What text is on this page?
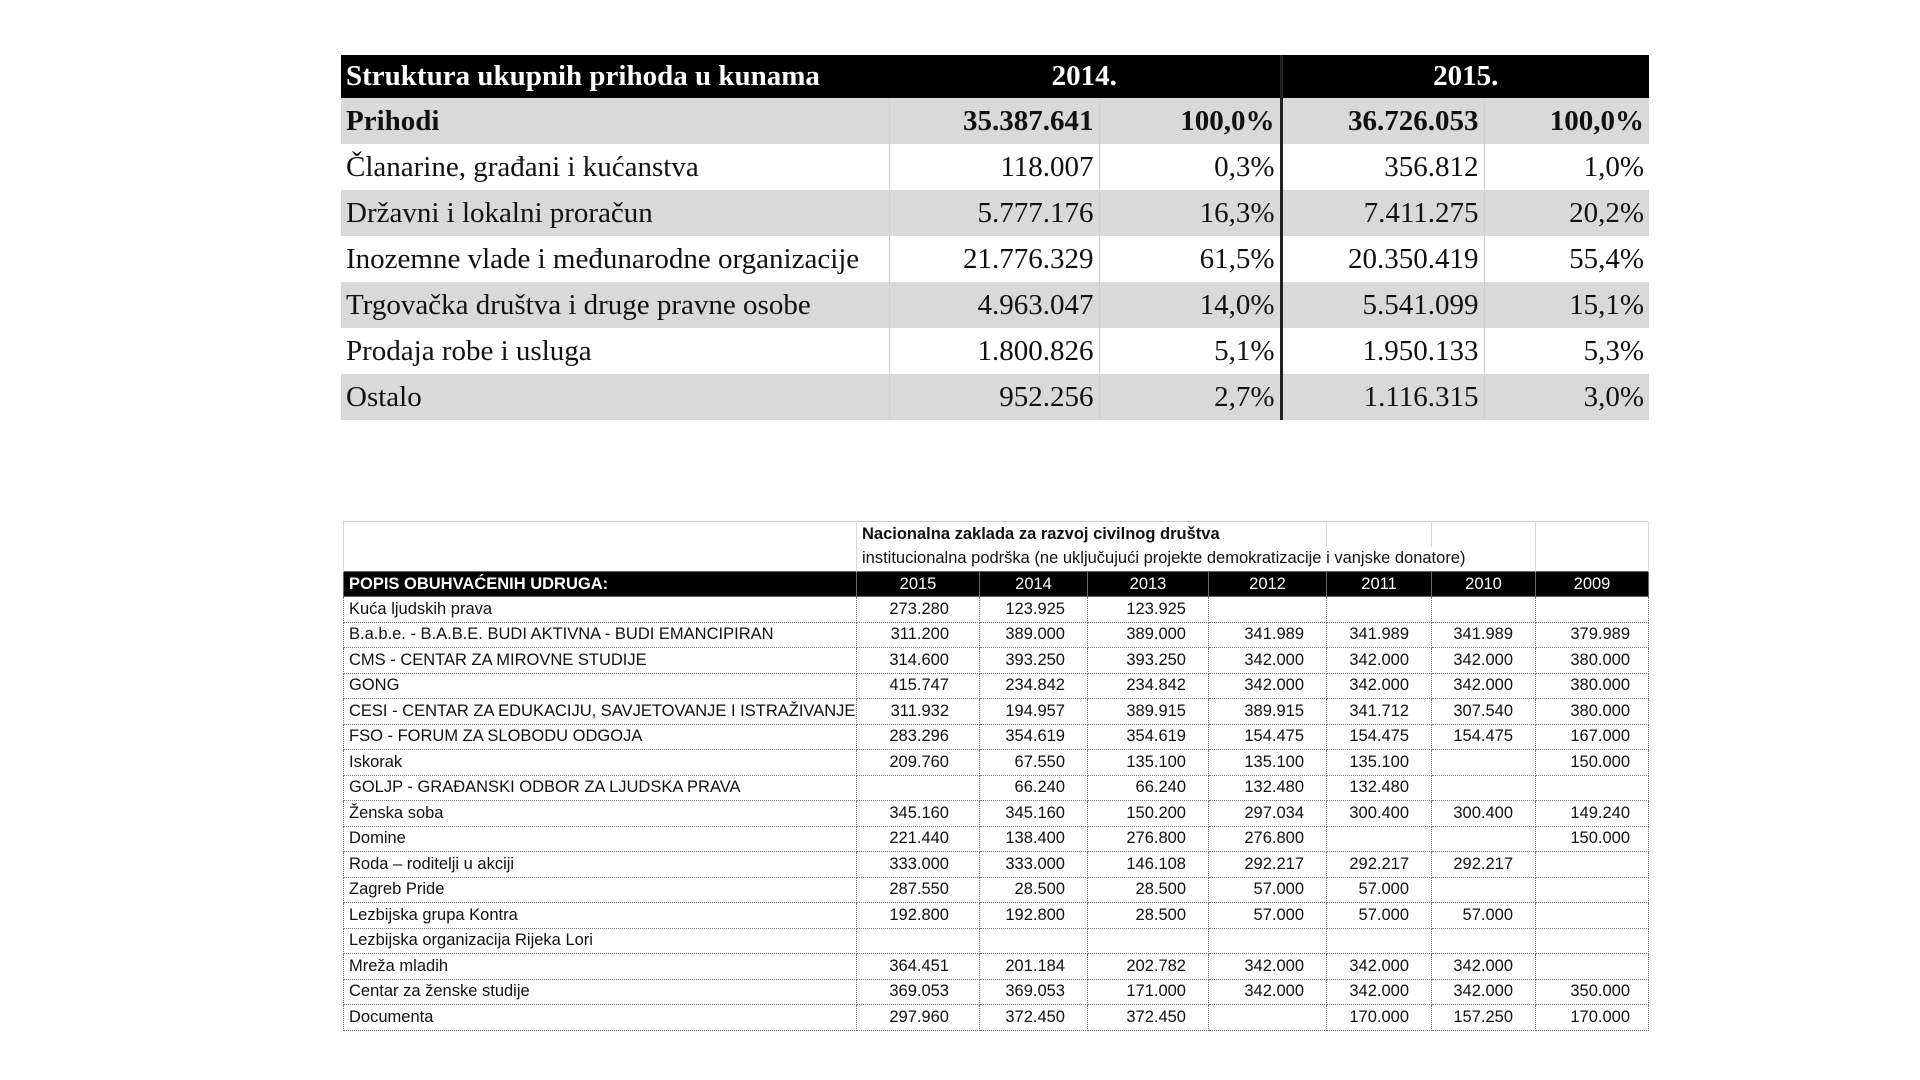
Struktura ukupnih prihoda u kunama	2014.		2015.	
Prihodi	35.387.641	100,0%	36.726.053	100,0%
Članarine, građani i kućanstva	118.007	0,3%	356.812	1,0%
Državni i lokalni proračun	5.777.176	16,3%	7.411.275	20,2%
Inozemne vlade i međunarodne organizacije	21.776.329	61,5%	20.350.419	55,4%
Trgovačka društva i druge pravne osobe	4.963.047	14,0%	5.541.099	15,1%
Prodaja robe i usluga	1.800.826	5,1%	1.950.133	5,3%
Ostalo	952.256	2,7%	1.116.315	3,0%
	Nacionalna zaklada za razvoj civilnog društva						
	institucionalna podrška (ne uključujući projekte demokratizacije i vanjske donatore)						
POPIS OBUHVAĆENIH UDRUGA:	2015	2014	2013	2012	2011	2010	2009
Kuća ljudskih prava	273.280	123.925	123.925				
B.a.b.e. - B.A.B.E. BUDI AKTIVNA - BUDI EMANCIPIRAN	311.200	389.000	389.000	341.989	341.989	341.989	379.989
CMS - CENTAR ZA MIROVNE STUDIJE	314.600	393.250	393.250	342.000	342.000	342.000	380.000
GONG	415.747	234.842	234.842	342.000	342.000	342.000	380.000
CESI - CENTAR ZA EDUKACIJU, SAVJETOVANJE I ISTRAŽIVANJE	311.932	194.957	389.915	389.915	341.712	307.540	380.000
FSO - FORUM ZA SLOBODU ODGOJA	283.296	354.619	354.619	154.475	154.475	154.475	167.000
Iskorak	209.760	67.550	135.100	135.100	135.100		150.000
GOLJP - GRAĐANSKI ODBOR ZA LJUDSKA PRAVA		66.240	66.240	132.480	132.480		
Ženska soba	345.160	345.160	150.200	297.034	300.400	300.400	149.240
Domine	221.440	138.400	276.800	276.800			150.000
Roda – roditelji u akciji	333.000	333.000	146.108	292.217	292.217	292.217	
Zagreb Pride	287.550	28.500	28.500	57.000	57.000		
Lezbijska grupa Kontra	192.800	192.800	28.500	57.000	57.000	57.000	
Lezbijska organizacija Rijeka Lori							
Mreža mladih	364.451	201.184	202.782	342.000	342.000	342.000	
Centar za ženske studije	369.053	369.053	171.000	342.000	342.000	342.000	350.000
Documenta	297.960	372.450	372.450		170.000	157.250	170.000
